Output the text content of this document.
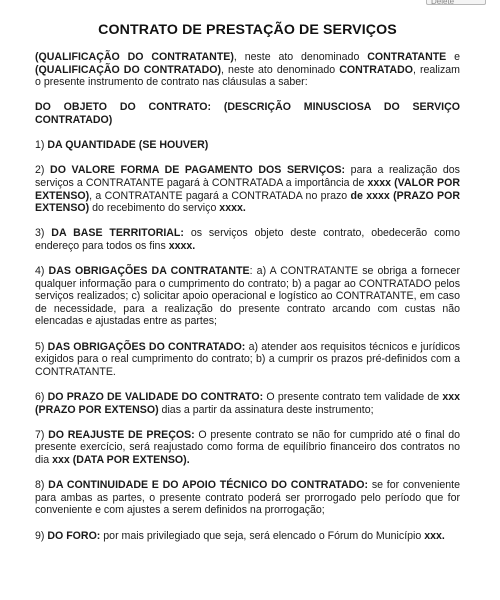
Delete
CONTRATO DE PRESTAÇÃO DE SERVIÇOS

(QUALIFICAÇÃO DO CONTRATANTE), neste ato denominado CONTRATANTE e (QUALIFICAÇÃO DO CONTRATADO), neste ato denominado CONTRATADO, realizam o presente instrumento de contrato nas cláusulas a saber:

DO OBJETO DO CONTRATO: (DESCRIÇÃO MINUSCIOSA DO SERVIÇO CONTRATADO)

1) DA QUANTIDADE (SE HOUVER)

2) DO VALORE FORMA DE PAGAMENTO DOS SERVIÇOS: para a realização dos serviços a CONTRATANTE pagará à CONTRATADA a importância de xxxx (VALOR POR EXTENSO), a CONTRATANTE pagará a CONTRATADA no prazo de xxxx (PRAZO POR EXTENSO) do recebimento do serviço xxxx.

3) DA BASE TERRITORIAL: os serviços objeto deste contrato, obedecerão como endereço para todos os fins xxxx.

4) DAS OBRIGAÇÕES DA CONTRATANTE: a) A CONTRATANTE se obriga a fornecer qualquer informação para o cumprimento do contrato; b) a pagar ao CONTRATADO pelos serviços realizados; c) solicitar apoio operacional e logístico ao CONTRATANTE, em caso de necessidade, para a realização do presente contrato arcando com custas não elencadas e ajustadas entre as partes;

5) DAS OBRIGAÇÕES DO CONTRATADO: a) atender aos requisitos técnicos e jurídicos exigidos para o real cumprimento do contrato; b) a cumprir os prazos pré-definidos com a CONTRATANTE.

6) DO PRAZO DE VALIDADE DO CONTRATO: O presente contrato tem validade de xxx (PRAZO POR EXTENSO) dias a partir da assinatura deste instrumento;

7) DO REAJUSTE DE PREÇOS: O presente contrato se não for cumprido até o final do presente exercício, será reajustado como forma de equilíbrio financeiro dos contratos no dia xxx (DATA POR EXTENSO).

8) DA CONTINUIDADE E DO APOIO TÉCNICO DO CONTRATADO: se for conveniente para ambas as partes, o presente contrato poderá ser prorrogado pelo período que for conveniente e com ajustes a serem definidos na prorrogação;

9) DO FORO: por mais privilegiado que seja, será elencado o Fórum do Município xxx.
